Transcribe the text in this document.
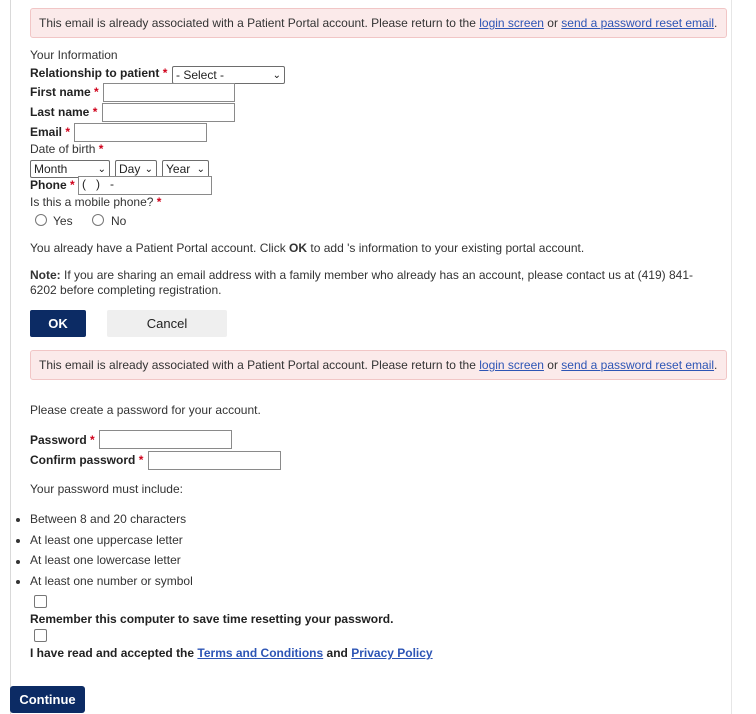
This email is already associated with a Patient Portal account. Please return to the login screen or send a password reset email.
Your Information
Relationship to patient * - Select -	⌄
First name *
Last name *
Email *
Date of birth *
Month	⌄ Day ⌄ Year ⌄
Phone * (   )   -
Is this a mobile phone? *
Yes	No
You already have a Patient Portal account. Click OK to add 's information to your existing portal account.
Note: If you are sharing an email address with a family member who already has an account, please contact us at (419) 841-
6202 before completing registration.
OK	Cancel
This email is already associated with a Patient Portal account. Please return to the login screen or send a password reset email.
Please create a password for your account.
Password *
Confirm password *
Your password must include:
Between 8 and 20 characters
At least one uppercase letter
At least one lowercase letter
At least one number or symbol
Remember this computer to save time resetting your password.
I have read and accepted the Terms and Conditions and Privacy Policy
Continue
